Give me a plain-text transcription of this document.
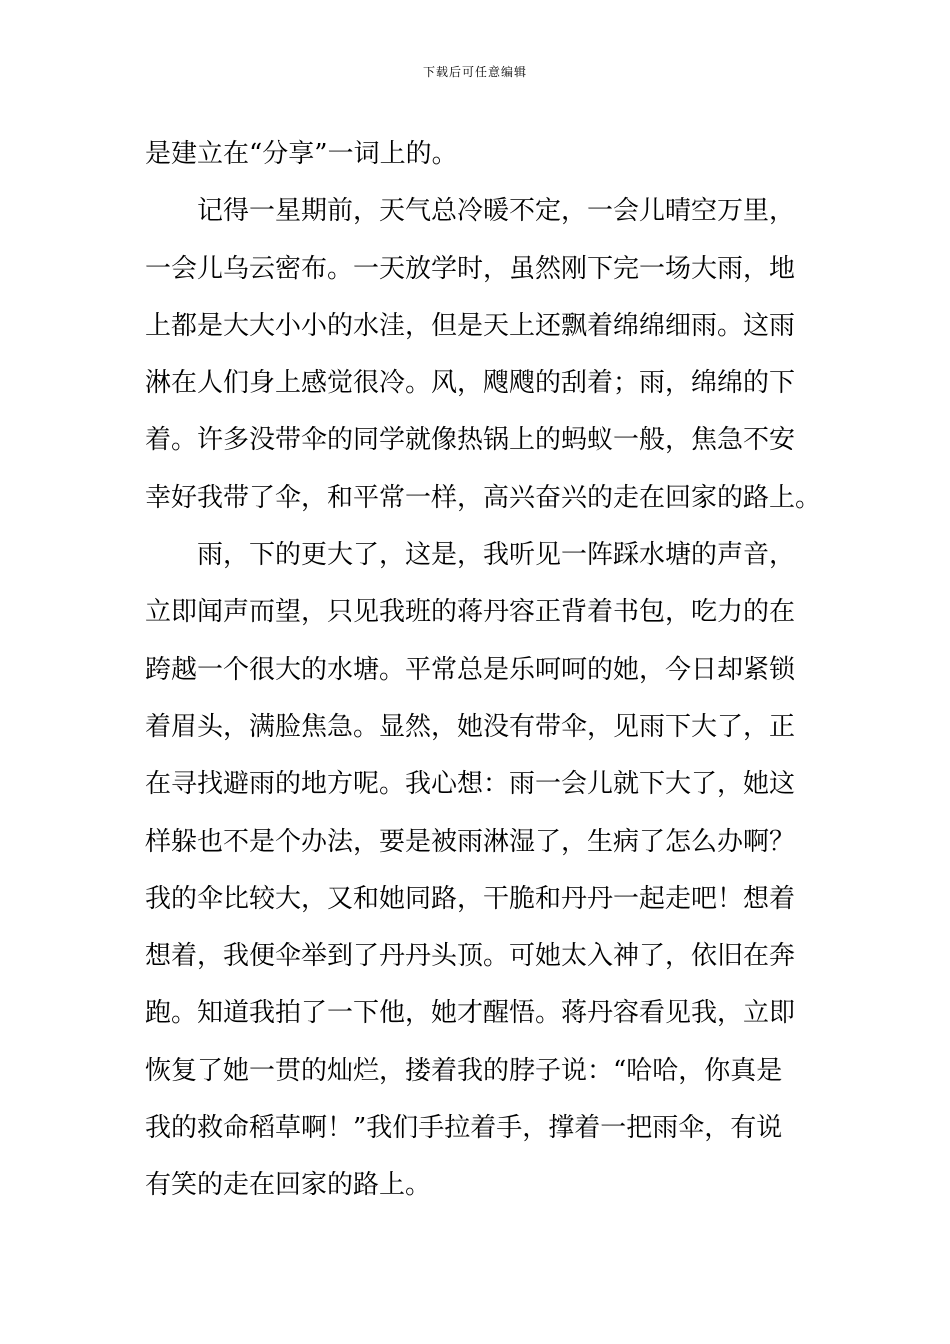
下载后可任意编辑
是建立在“分享”一词上的。
记得一星期前，天气总冷暖不定，一会儿晴空万里，
一会儿乌云密布。一天放学时，虽然刚下完一场大雨，地
上都是大大小小的水洼，但是天上还飘着绵绵细雨。这雨
淋在人们身上感觉很冷。风，飕飕的刮着；雨，绵绵的下
着。许多没带伞的同学就像热锅上的蚂蚁一般，焦急不安
幸好我带了伞，和平常一样，高兴奋兴的走在回家的路上。
雨，下的更大了，这是，我听见一阵踩水塘的声音，
立即闻声而望，只见我班的蒋丹容正背着书包，吃力的在
跨越一个很大的水塘。平常总是乐呵呵的她，今日却紧锁
着眉头，满脸焦急。显然，她没有带伞，见雨下大了，正
在寻找避雨的地方呢。我心想：雨一会儿就下大了，她这
样躲也不是个办法，要是被雨淋湿了，生病了怎么办啊？
我的伞比较大，又和她同路，干脆和丹丹一起走吧！想着
想着，我便伞举到了丹丹头顶。可她太入神了，依旧在奔
跑。知道我拍了一下他，她才醒悟。蒋丹容看见我，立即
恢复了她一贯的灿烂，搂着我的脖子说：“哈哈，你真是
我的救命稻草啊！”我们手拉着手，撑着一把雨伞，有说
有笑的走在回家的路上。
